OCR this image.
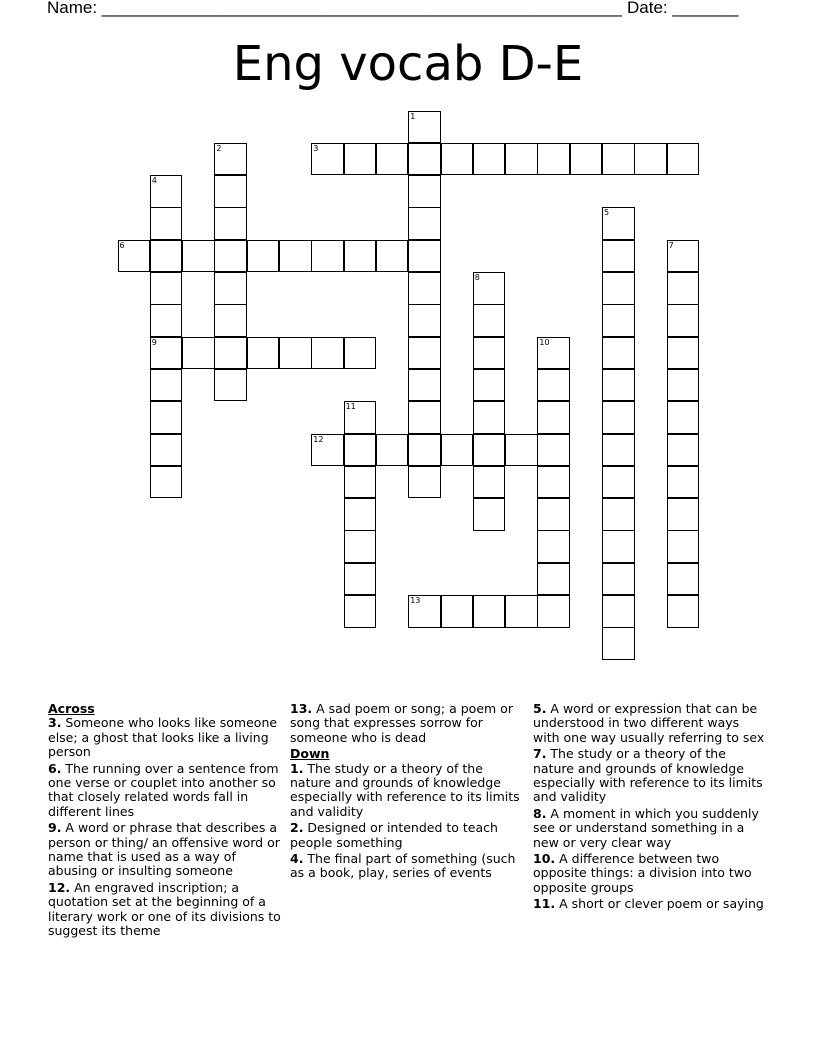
Name: _______________________________________________________ Date: _______
Eng vocab D-E
1
2	3
4
5
6	7
8
9	10
11
12
13
Across
3. Someone who looks like someone else; a ghost that looks like a living person
6. The running over a sentence from one verse or couplet into another so that closely related words fall in different lines
9. A word or phrase that describes a person or thing/ an offensive word or name that is used as a way of abusing or insulting someone
12. An engraved inscription; a quotation set at the beginning of a literary work or one of its divisions to suggest its theme
13. A sad poem or song; a poem or song that expresses sorrow for someone who is dead
Down
1. The study or a theory of the nature and grounds of knowledge especially with reference to its limits and validity
2. Designed or intended to teach people something
4. The final part of something (such as a book, play, series of events
5. A word or expression that can be understood in two different ways with one way usually referring to sex
7. The study or a theory of the nature and grounds of knowledge especially with reference to its limits and validity
8. A moment in which you suddenly see or understand something in a new or very clear way
10. A difference between two opposite things: a division into two opposite groups
11. A short or clever poem or saying
